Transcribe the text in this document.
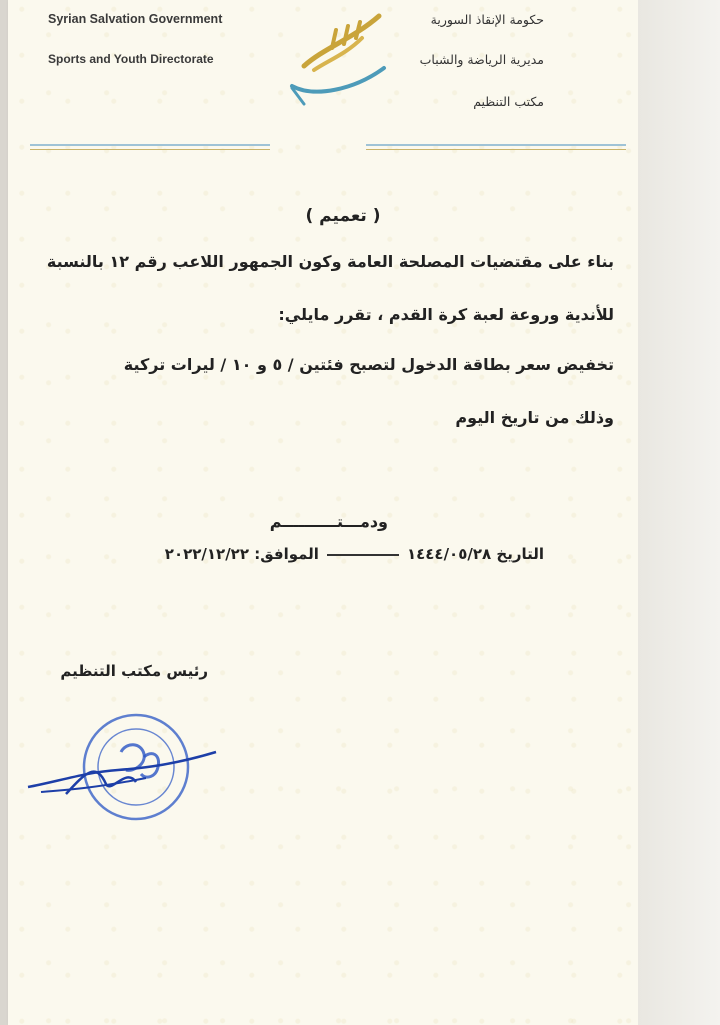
Syrian Salvation Government
Sports and Youth Directorate
حكومة الإنقاذ السورية
مديرية الرياضة والشباب
مكتب التنظيم
( تعميم )
بناء على مقتضيات المصلحة العامة وكون الجمهور اللاعب رقم ١٢ بالنسبة
للأندية وروعة لعبة كرة القدم ، تقرر مايلي:
تخفيض سعر بطاقة الدخول لتصبح فئتين / ٥ و ١٠ / ليرات تركية
وذلك من تاريخ اليوم
ودمـــتــــــــــم
التاريخ ١٤٤٤/٠٥/٢٨الموافق: ٢٠٢٢/١٢/٢٢
رئيس مكتب التنظيم
